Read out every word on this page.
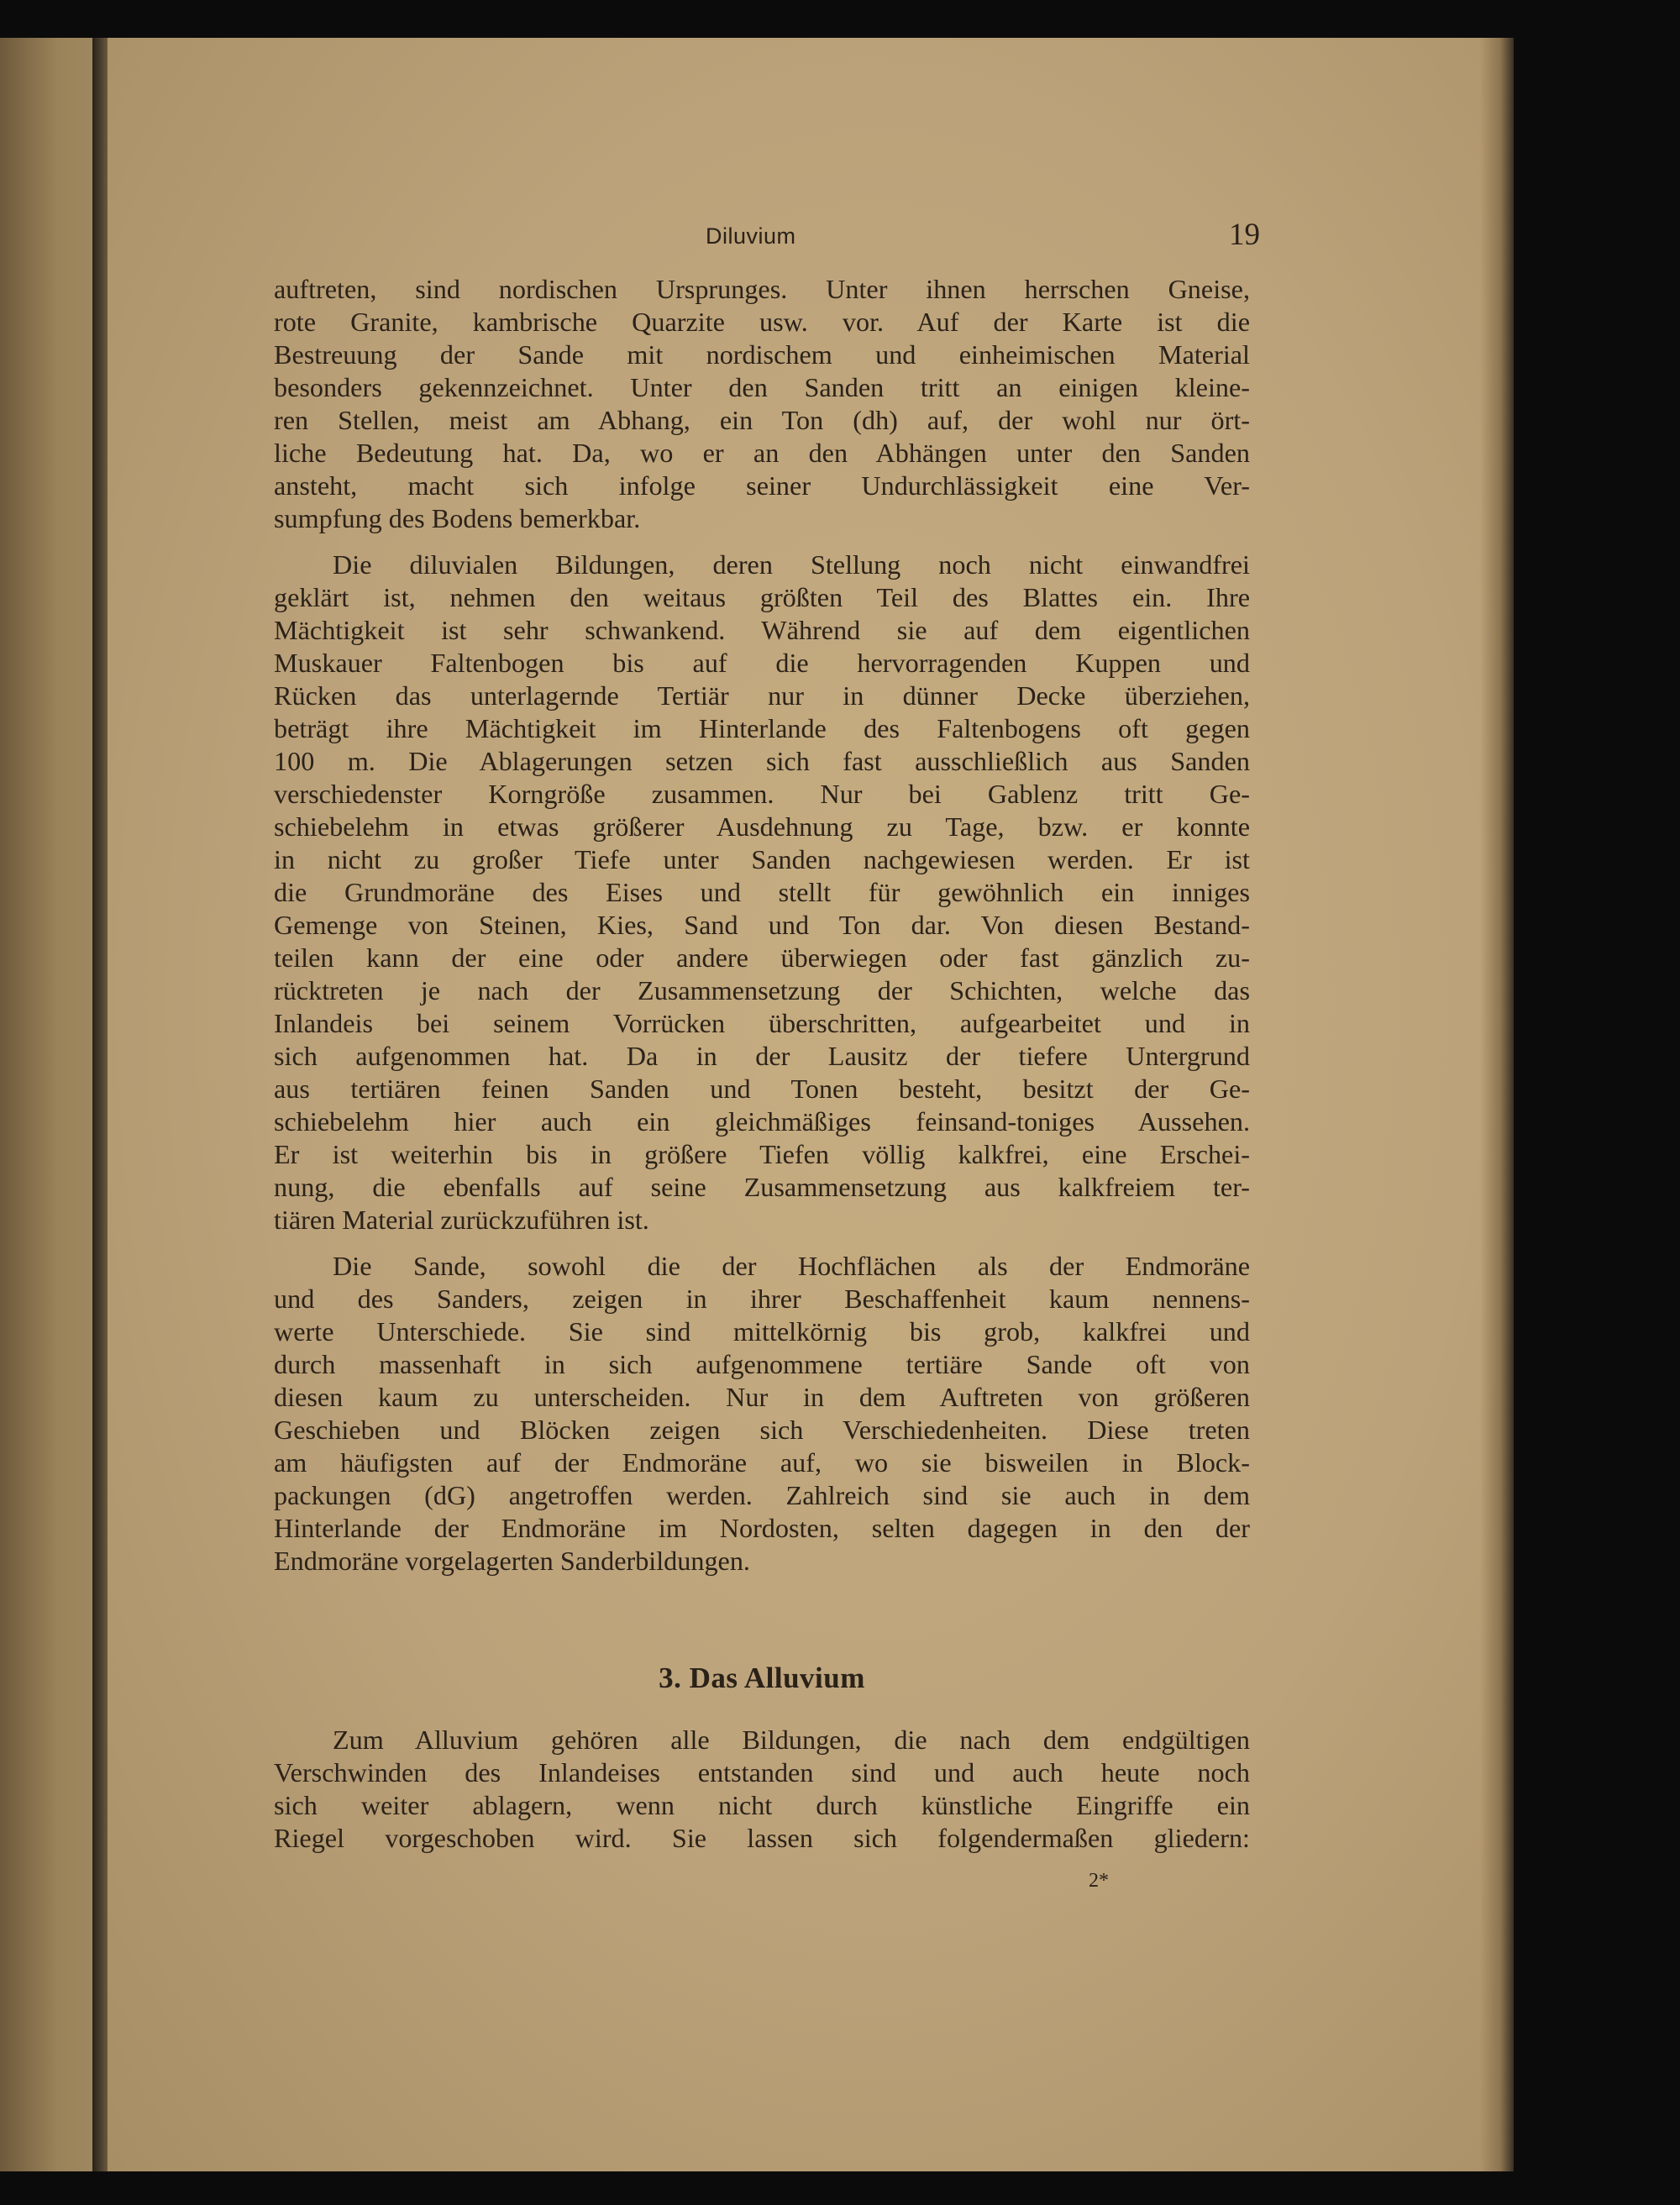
Diluvium	19

auftreten, sind nordischen Ursprunges. Unter ihnen herrschen Gneise,
rote Granite, kambrische Quarzite usw. vor. Auf der Karte ist die
Bestreuung der Sande mit nordischem und einheimischen Material
besonders gekennzeichnet. Unter den Sanden tritt an einigen kleine-
ren Stellen, meist am Abhang, ein Ton (dh) auf, der wohl nur ört-
liche Bedeutung hat. Da, wo er an den Abhängen unter den Sanden
ansteht, macht sich infolge seiner Undurchlässigkeit eine Ver-
sumpfung des Bodens bemerkbar.

Die diluvialen Bildungen, deren Stellung noch nicht einwandfrei
geklärt ist, nehmen den weitaus größten Teil des Blattes ein. Ihre
Mächtigkeit ist sehr schwankend. Während sie auf dem eigentlichen
Muskauer Faltenbogen bis auf die hervorragenden Kuppen und
Rücken das unterlagernde Tertiär nur in dünner Decke überziehen,
beträgt ihre Mächtigkeit im Hinterlande des Faltenbogens oft gegen
100 m. Die Ablagerungen setzen sich fast ausschließlich aus Sanden
verschiedenster Korngröße zusammen. Nur bei Gablenz tritt Ge-
schiebelehm in etwas größerer Ausdehnung zu Tage, bzw. er konnte
in nicht zu großer Tiefe unter Sanden nachgewiesen werden. Er ist
die Grundmoräne des Eises und stellt für gewöhnlich ein inniges
Gemenge von Steinen, Kies, Sand und Ton dar. Von diesen Bestand-
teilen kann der eine oder andere überwiegen oder fast gänzlich zu-
rücktreten je nach der Zusammensetzung der Schichten, welche das
Inlandeis bei seinem Vorrücken überschritten, aufgearbeitet und in
sich aufgenommen hat. Da in der Lausitz der tiefere Untergrund
aus tertiären feinen Sanden und Tonen besteht, besitzt der Ge-
schiebelehm hier auch ein gleichmäßiges feinsand-toniges Aussehen.
Er ist weiterhin bis in größere Tiefen völlig kalkfrei, eine Erschei-
nung, die ebenfalls auf seine Zusammensetzung aus kalkfreiem ter-
tiären Material zurückzuführen ist.

Die Sande, sowohl die der Hochflächen als der Endmoräne
und des Sanders, zeigen in ihrer Beschaffenheit kaum nennens-
werte Unterschiede. Sie sind mittelkörnig bis grob, kalkfrei und
durch massenhaft in sich aufgenommene tertiäre Sande oft von
diesen kaum zu unterscheiden. Nur in dem Auftreten von größeren
Geschieben und Blöcken zeigen sich Verschiedenheiten. Diese treten
am häufigsten auf der Endmoräne auf, wo sie bisweilen in Block-
packungen (dG) angetroffen werden. Zahlreich sind sie auch in dem
Hinterlande der Endmoräne im Nordosten, selten dagegen in den der
Endmoräne vorgelagerten Sanderbildungen.

3. Das Alluvium

Zum Alluvium gehören alle Bildungen, die nach dem endgültigen
Verschwinden des Inlandeises entstanden sind und auch heute noch
sich weiter ablagern, wenn nicht durch künstliche Eingriffe ein
Riegel vorgeschoben wird. Sie lassen sich folgendermaßen gliedern:

2*
